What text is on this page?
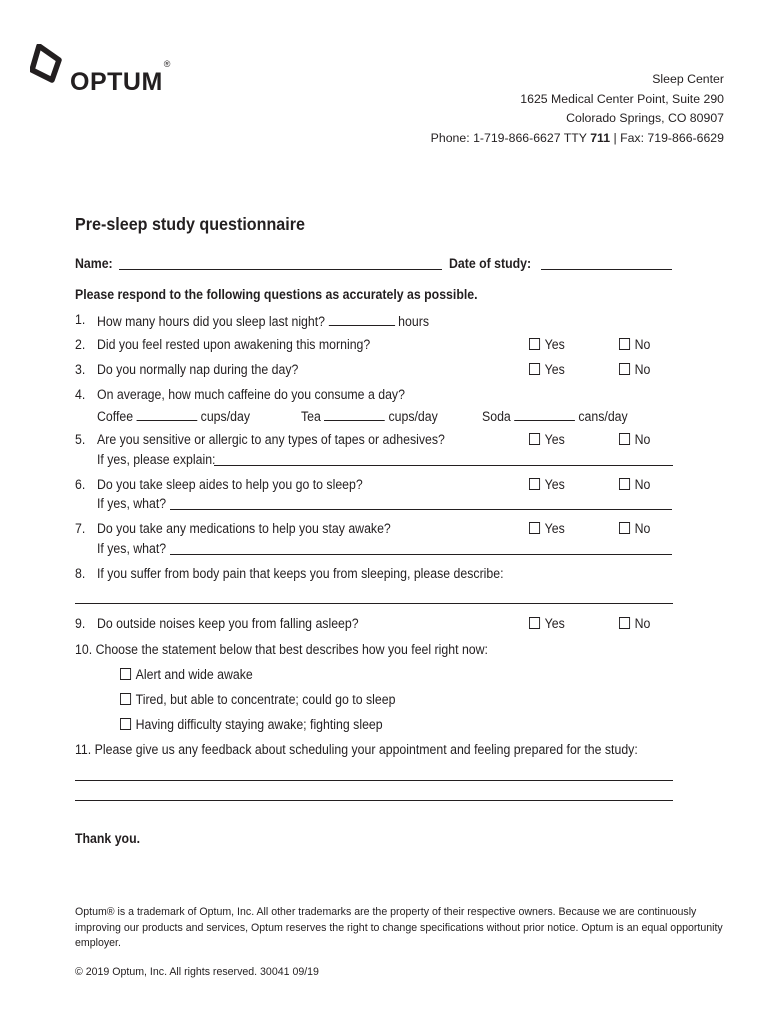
OPTUM®
Sleep Center
1625 Medical Center Point, Suite 290
Colorado Springs, CO 80907
Phone: 1-719-866-6627 TTY 711 | Fax: 719-866-6629
Pre-sleep study questionnaire
Name:	Date of study:
Please respond to the following questions as accurately as possible.
1. How many hours did you sleep last night?	hours
2. Did you feel rested upon awakening this morning?	Yes	No
3. Do you normally nap during the day?	Yes	No
4. On average, how much caffeine do you consume a day?
Coffee	cups/day	Tea	cups/day	Soda	cans/day
5. Are you sensitive or allergic to any types of tapes or adhesives?	Yes	No
If yes, please explain:
6. Do you take sleep aides to help you go to sleep?	Yes	No
If yes, what?
7. Do you take any medications to help you stay awake?	Yes	No
If yes, what?
8. If you suffer from body pain that keeps you from sleeping, please describe:
9. Do outside noises keep you from falling asleep?	Yes	No
10. Choose the statement below that best describes how you feel right now:
Alert and wide awake
Tired, but able to concentrate; could go to sleep
Having difficulty staying awake; fighting sleep
11. Please give us any feedback about scheduling your appointment and feeling prepared for the study:
Thank you.
Optum® is a trademark of Optum, Inc. All other trademarks are the property of their respective owners. Because we are continuously improving our products and services, Optum reserves the right to change specifications without prior notice. Optum is an equal opportunity employer.
© 2019 Optum, Inc. All rights reserved. 30041 09/19
